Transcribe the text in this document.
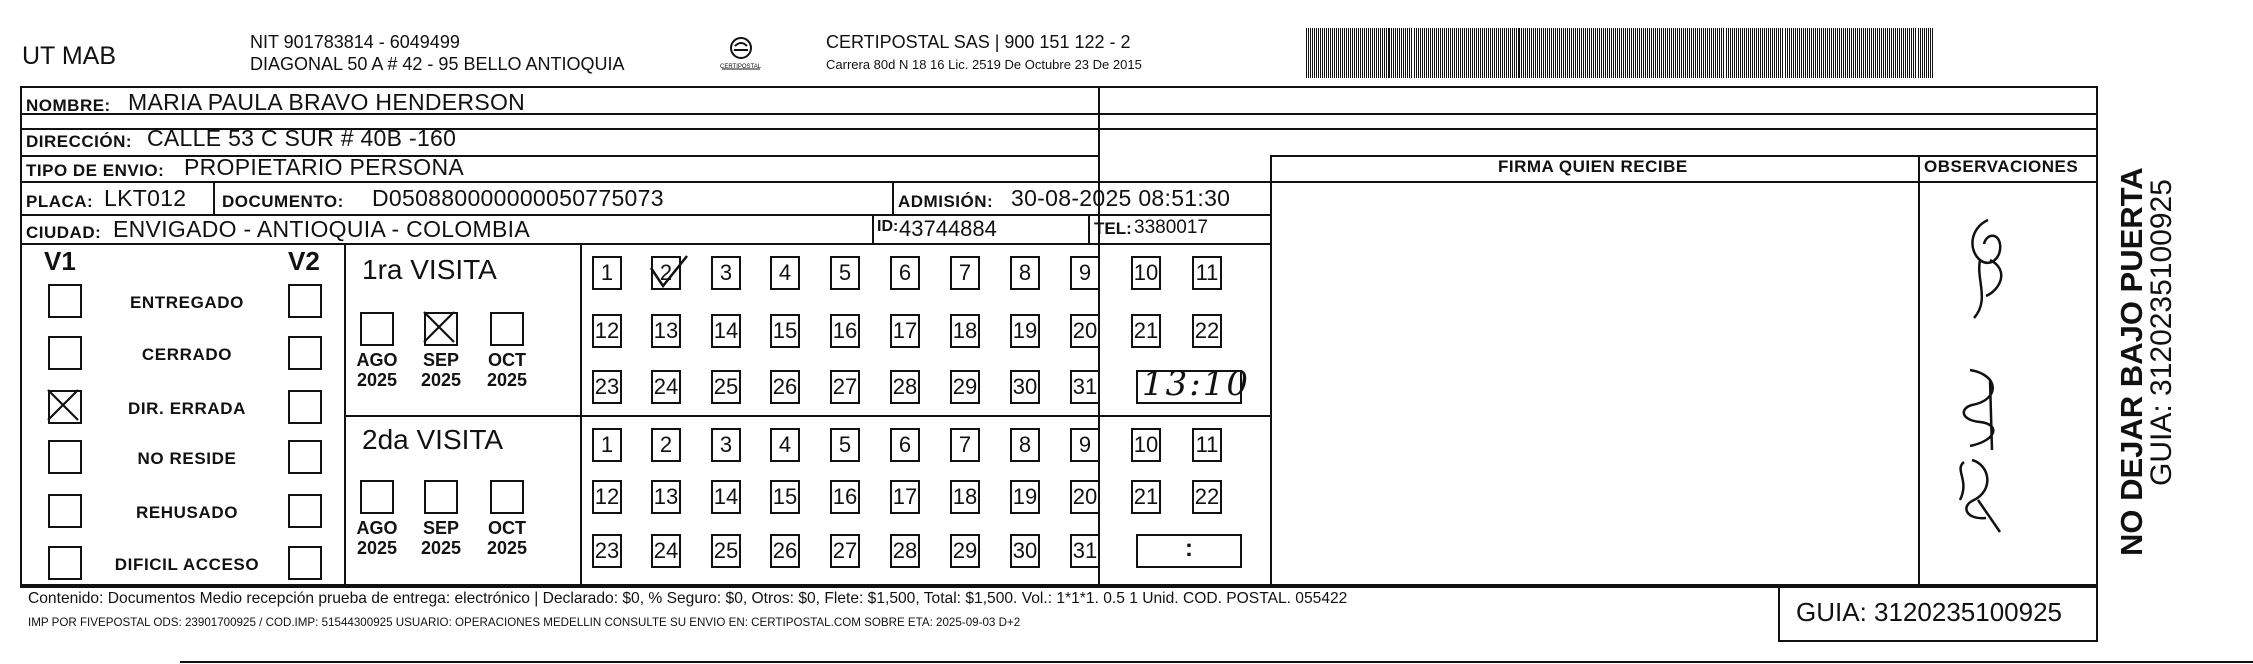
UT MAB	NIT 901783814 - 6049499
DIAGONAL 50 A # 42 - 95 BELLO ANTIOQUIA	CERTIPOSTAL
CERTIPOSTAL SAS | 900 151 122 - 2
Carrera 80d N 18 16 Lic. 2519 De Octubre 23 De 2015
NOMBRE: MARIA PAULA BRAVO HENDERSON
DIRECCIÓN: CALLE 53 C SUR # 40B -160
TIPO DE ENVIO: PROPIETARIO PERSONA
PLACA: LKT012 DOCUMENTO: D050880000000050775073	ADMISIÓN: 30-08-2025 08:51:30
CIUDAD: ENVIGADO - ANTIOQUIA - COLOMBIA	ID: 43744884	TEL: 3380017
FIRMA QUIEN RECIBE	OBSERVACIONES
V1	V2
ENTREGADO
CERRADO
DIR. ERRADA
NO RESIDE
REHUSADO
DIFICIL ACCESO
1ra VISITA
AGO
2025
SEP
2025
OCT
2025
1	2	3	4	5	6	7	8	9	10 11
12 13 14 15 16 17 18 19 20 21 22
23 24 25 26 27 28 29 30 31 13:10
2da VISITA
AGO
2025
SEP
2025
OCT
2025
1	2	3	4	5	6	7	8	9	10 11
12 13 14 15 16 17 18 19 20 21 22
23 24 25 26 27 28 29 30 31	:
Contenido: Documentos Medio recepción prueba de entrega: electrónico | Declarado: $0, % Seguro: $0, Otros: $0, Flete: $1,500, Total: $1,500. Vol.: 1*1*1. 0.5 1 Unid. COD. POSTAL. 055422
IMP POR FIVEPOSTAL ODS: 23901700925 / COD.IMP: 51544300925 USUARIO: OPERACIONES MEDELLIN CONSULTE SU ENVIO EN: CERTIPOSTAL.COM SOBRE ETA: 2025-09-03 D+2	GUIA: 3120235100925
NO DEJAR BAJO PUERTA
GUIA: 3120235100925
